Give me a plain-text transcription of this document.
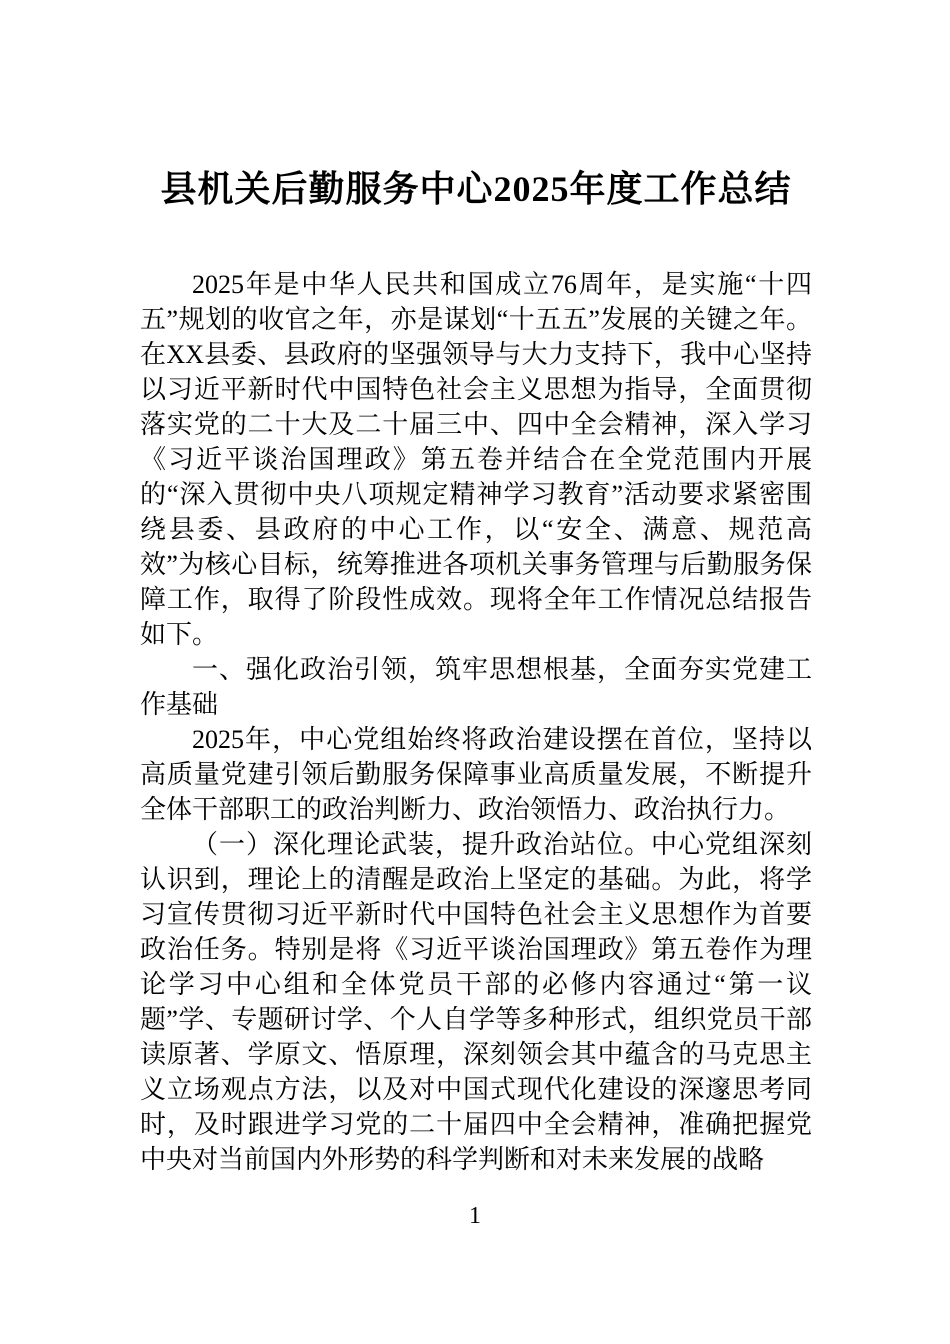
县机关后勤服务中心2025年度工作总结

2025年是中华人民共和国成立76周年，是实施“十四五”规划的收官之年，亦是谋划“十五五”发展的关键之年。在XX县委、县政府的坚强领导与大力支持下，我中心坚持以习近平新时代中国特色社会主义思想为指导，全面贯彻落实党的二十大及二十届三中、四中全会精神，深入学习《习近平谈治国理政》第五卷并结合在全党范围内开展的“深入贯彻中央八项规定精神学习教育”活动要求紧密围绕县委、县政府的中心工作，以“安全、满意、规范高效”为核心目标，统筹推进各项机关事务管理与后勤服务保障工作，取得了阶段性成效。现将全年工作情况总结报告如下。

一、强化政治引领，筑牢思想根基，全面夯实党建工作基础

2025年，中心党组始终将政治建设摆在首位，坚持以高质量党建引领后勤服务保障事业高质量发展，不断提升全体干部职工的政治判断力、政治领悟力、政治执行力。

（一）深化理论武装，提升政治站位。中心党组深刻认识到，理论上的清醒是政治上坚定的基础。为此，将学习宣传贯彻习近平新时代中国特色社会主义思想作为首要政治任务。特别是将《习近平谈治国理政》第五卷作为理论学习中心组和全体党员干部的必修内容通过“第一议题”学、专题研讨学、个人自学等多种形式，组织党员干部读原著、学原文、悟原理，深刻领会其中蕴含的马克思主义立场观点方法，以及对中国式现代化建设的深邃思考同时，及时跟进学习党的二十届四中全会精神，准确把握党中央对当前国内外形势的科学判断和对未来发展的战略

1
